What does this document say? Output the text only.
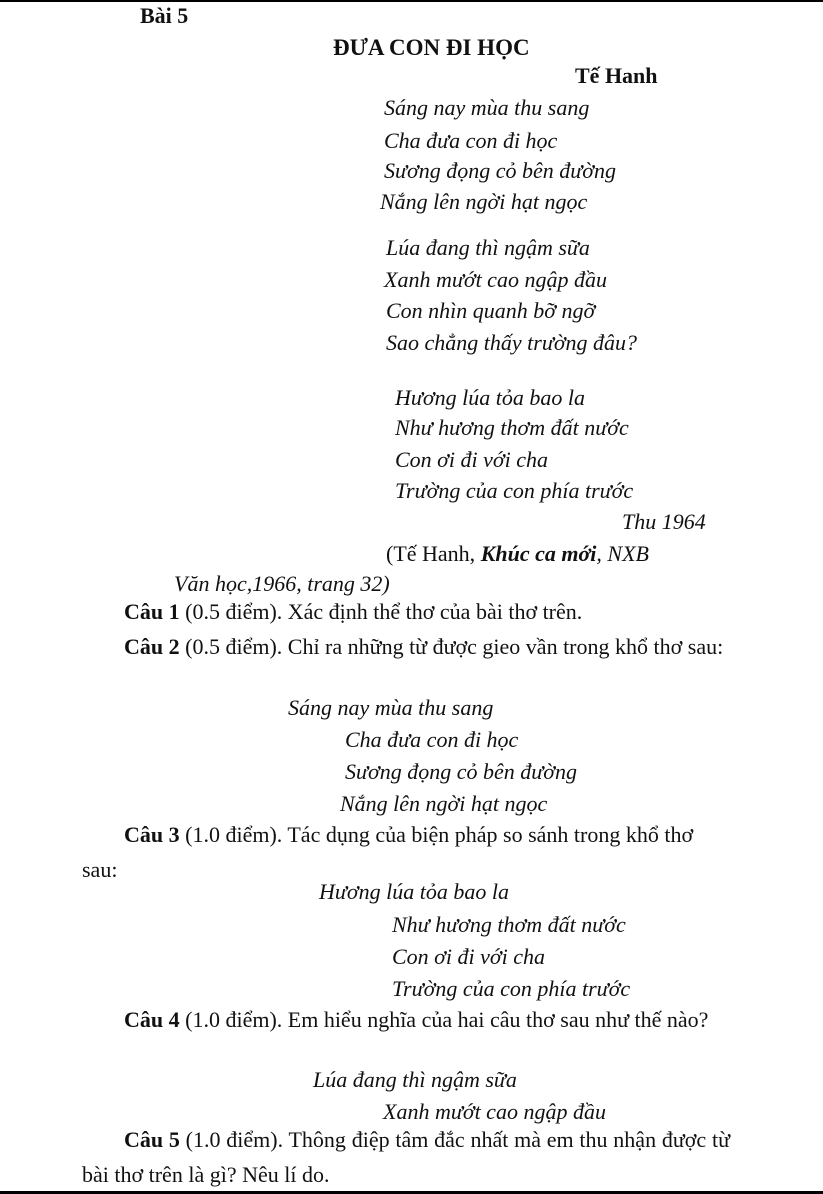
Bài 5
ĐƯA CON ĐI HỌC
Tế Hanh
Sáng nay mùa thu sang
Cha đưa con đi học
Sương đọng cỏ bên đường
Nắng lên ngời hạt ngọc
Lúa đang thì ngậm sữa
Xanh mướt cao ngập đầu
Con nhìn quanh bỡ ngỡ
Sao chẳng thấy trường đâu?
Hương lúa tỏa bao la
Như hương thơm đất nước
Con ơi đi với cha
Trường của con phía trước
Thu 1964
(Tế Hanh, Khúc ca mới, NXB
Văn học,1966, trang 32)
Câu 1 (0.5 điểm). Xác định thể thơ của bài thơ trên.
Câu 2 (0.5 điểm). Chỉ ra những từ được gieo vần trong khổ thơ sau:
Sáng nay mùa thu sang
Cha đưa con đi học
Sương đọng cỏ bên đường
Nắng lên ngời hạt ngọc
Câu 3 (1.0 điểm). Tác dụng của biện pháp so sánh trong khổ thơ sau:
Hương lúa tỏa bao la
Như hương thơm đất nước
Con ơi đi với cha
Trường của con phía trước
Câu 4 (1.0 điểm). Em hiểu nghĩa của hai câu thơ sau như thế nào?
Lúa đang thì ngậm sữa
Xanh mướt cao ngập đầu
Câu 5 (1.0 điểm). Thông điệp tâm đắc nhất mà em thu nhận được từ bài thơ trên là gì? Nêu lí do.
